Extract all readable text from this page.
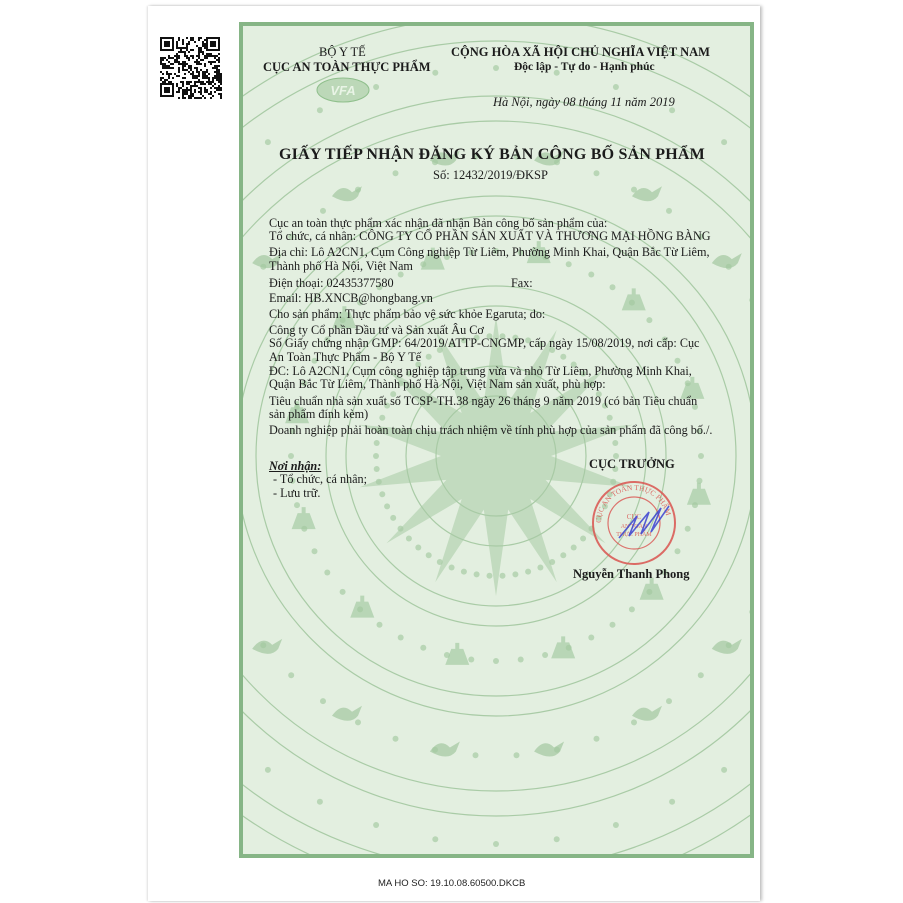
BỘ Y TẾ
CỤC AN TOÀN THỰC PHẨM
VFA
CỘNG HÒA XÃ HỘI CHỦ NGHĨA VIỆT NAM
Độc lập - Tự do - Hạnh phúc
Hà Nội, ngày 08 tháng 11 năm 2019
GIẤY TIẾP NHẬN ĐĂNG KÝ BẢN CÔNG BỐ SẢN PHẨM
Số: 12432/2019/ĐKSP
Cục an toàn thực phẩm xác nhận đã nhận Bản công bố sản phẩm của:
Tổ chức, cá nhân: CÔNG TY CỔ PHẦN SẢN XUẤT VÀ THƯƠNG MẠI HỒNG BÀNG
Địa chỉ: Lô A2CN1, Cụm Công nghiệp Từ Liêm, Phường Minh Khai, Quận Bắc Từ Liêm,
Thành phố Hà Nội, Việt Nam
Điện thoại: 02435377580	Fax:
Email: HB.XNCB@hongbang.vn
Cho sản phẩm: Thực phẩm bảo vệ sức khỏe Egaruta; do:
Công ty Cổ phần Đầu tư và Sản xuất Âu Cơ
Số Giấy chứng nhận GMP: 64/2019/ATTP-CNGMP, cấp ngày 15/08/2019, nơi cấp: Cục
An Toàn Thực Phẩm - Bộ Y Tế
ĐC: Lô A2CN1, Cụm công nghiệp tập trung vừa và nhỏ Từ Liêm, Phường Minh Khai,
Quận Bắc Từ Liêm, Thành phố Hà Nội, Việt Nam sản xuất, phù hợp:
Tiêu chuẩn nhà sản xuất số TCSP-TH.38 ngày 26 tháng 9 năm 2019 (có bản Tiêu chuẩn
sản phẩm đính kèm)
Doanh nghiệp phải hoàn toàn chịu trách nhiệm về tính phù hợp của sản phẩm đã công bố./.
Nơi nhận:
- Tổ chức, cá nhân;
- Lưu trữ.
CỤC TRƯỞNG
CỤC AN TOÀN THỰC PHẨM
CỤC
AN TOÀN
THỰC PHẨM
Nguyễn Thanh Phong
MA HO SO: 19.10.08.60500.DKCB
